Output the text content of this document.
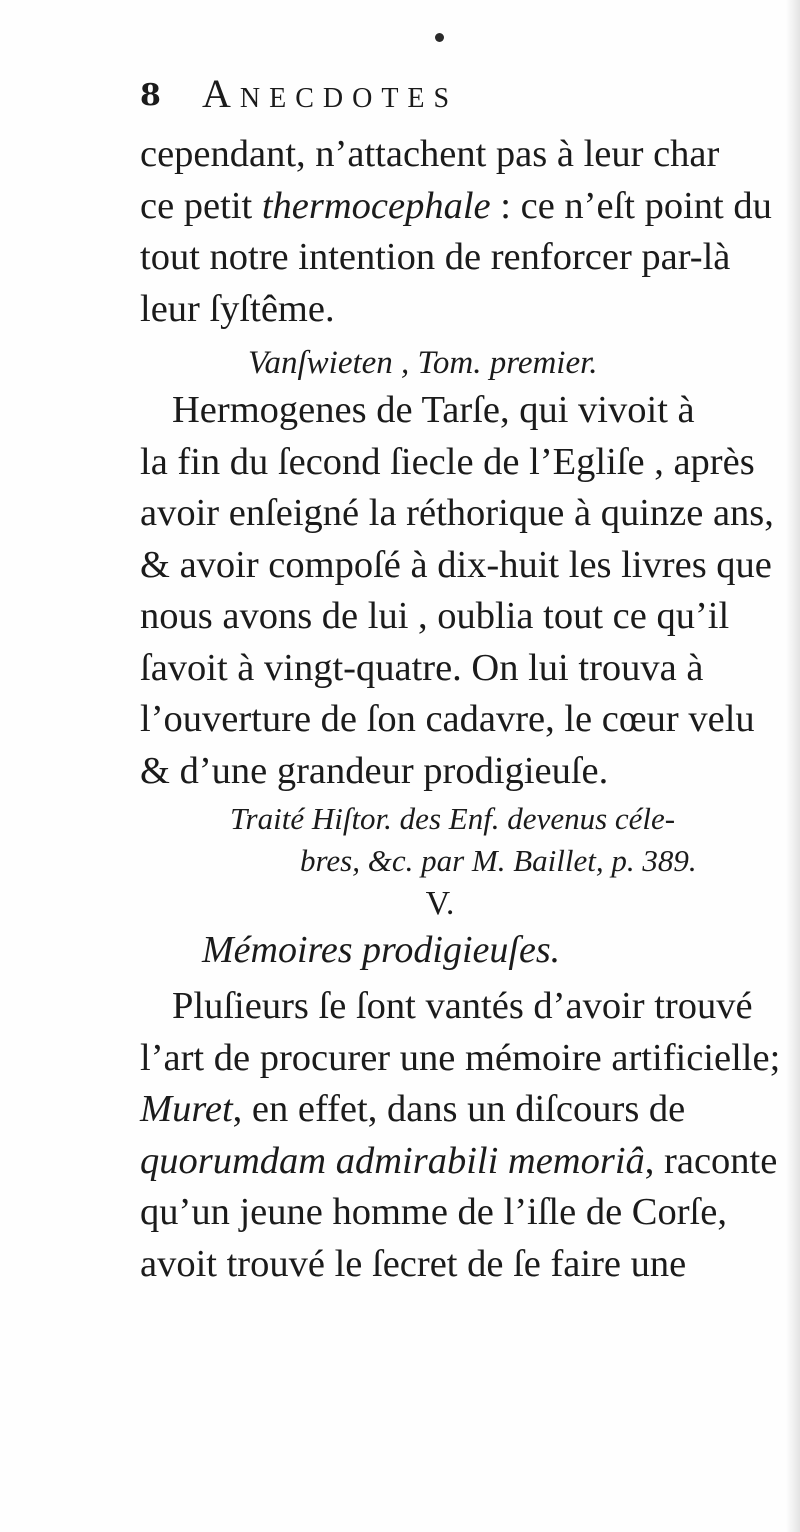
8 Anecdotes
cependant, n’attachent pas à leur char
ce petit thermocephale : ce n’eſt point du
tout notre intention de renforcer par-là
leur ſyſtême.
Vanſwieten , Tom. premier.
Hermogenes de Tarſe, qui vivoit à
la fin du ſecond ſiecle de l’Egliſe , après
avoir enſeigné la réthorique à quinze ans,
& avoir compoſé à dix-huit les livres que
nous avons de lui , oublia tout ce qu’il
ſavoit à vingt-quatre. On lui trouva à
l’ouverture de ſon cadavre, le cœur velu
& d’une grandeur prodigieuſe.
Traité Hiſtor. des Enf. devenus céle-
bres, &c. par M. Baillet, p. 389.
V.
Mémoires prodigieuſes.
Pluſieurs ſe ſont vantés d’avoir trouvé
l’art de procurer une mémoire artificielle;
Muret, en effet, dans un diſcours de
quorumdam admirabili memoriâ, raconte
qu’un jeune homme de l’iſle de Corſe,
avoit trouvé le ſecret de ſe faire une
